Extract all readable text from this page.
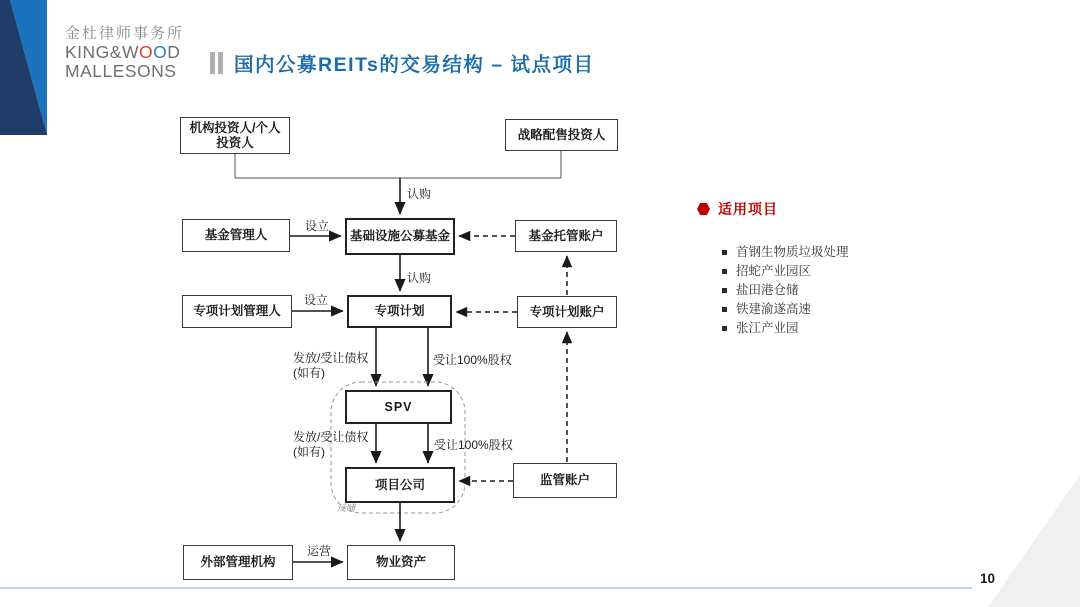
金杜律师事务所
KING&WOOD
MALLESONS	国内公募REITs的交易结构 – 试点项目
机构投资人/个人
投资人
战略配售投资人
基金管理人	基础设施公募基金	基金托管账户
专项计划管理人	专项计划	专项计划账户
SPV
项目公司	监管账户
外部管理机构	物业资产
认购
设立
认购
设立
发放/受让债权
(如有)
受让100%股权
发放/受让债权
(如有)	受让100%股权
反哺
运营
适用项目
首钢生物质垃圾处理
招蛇产业园区
盐田港仓储
铁建渝遂高速
张江产业园
10
